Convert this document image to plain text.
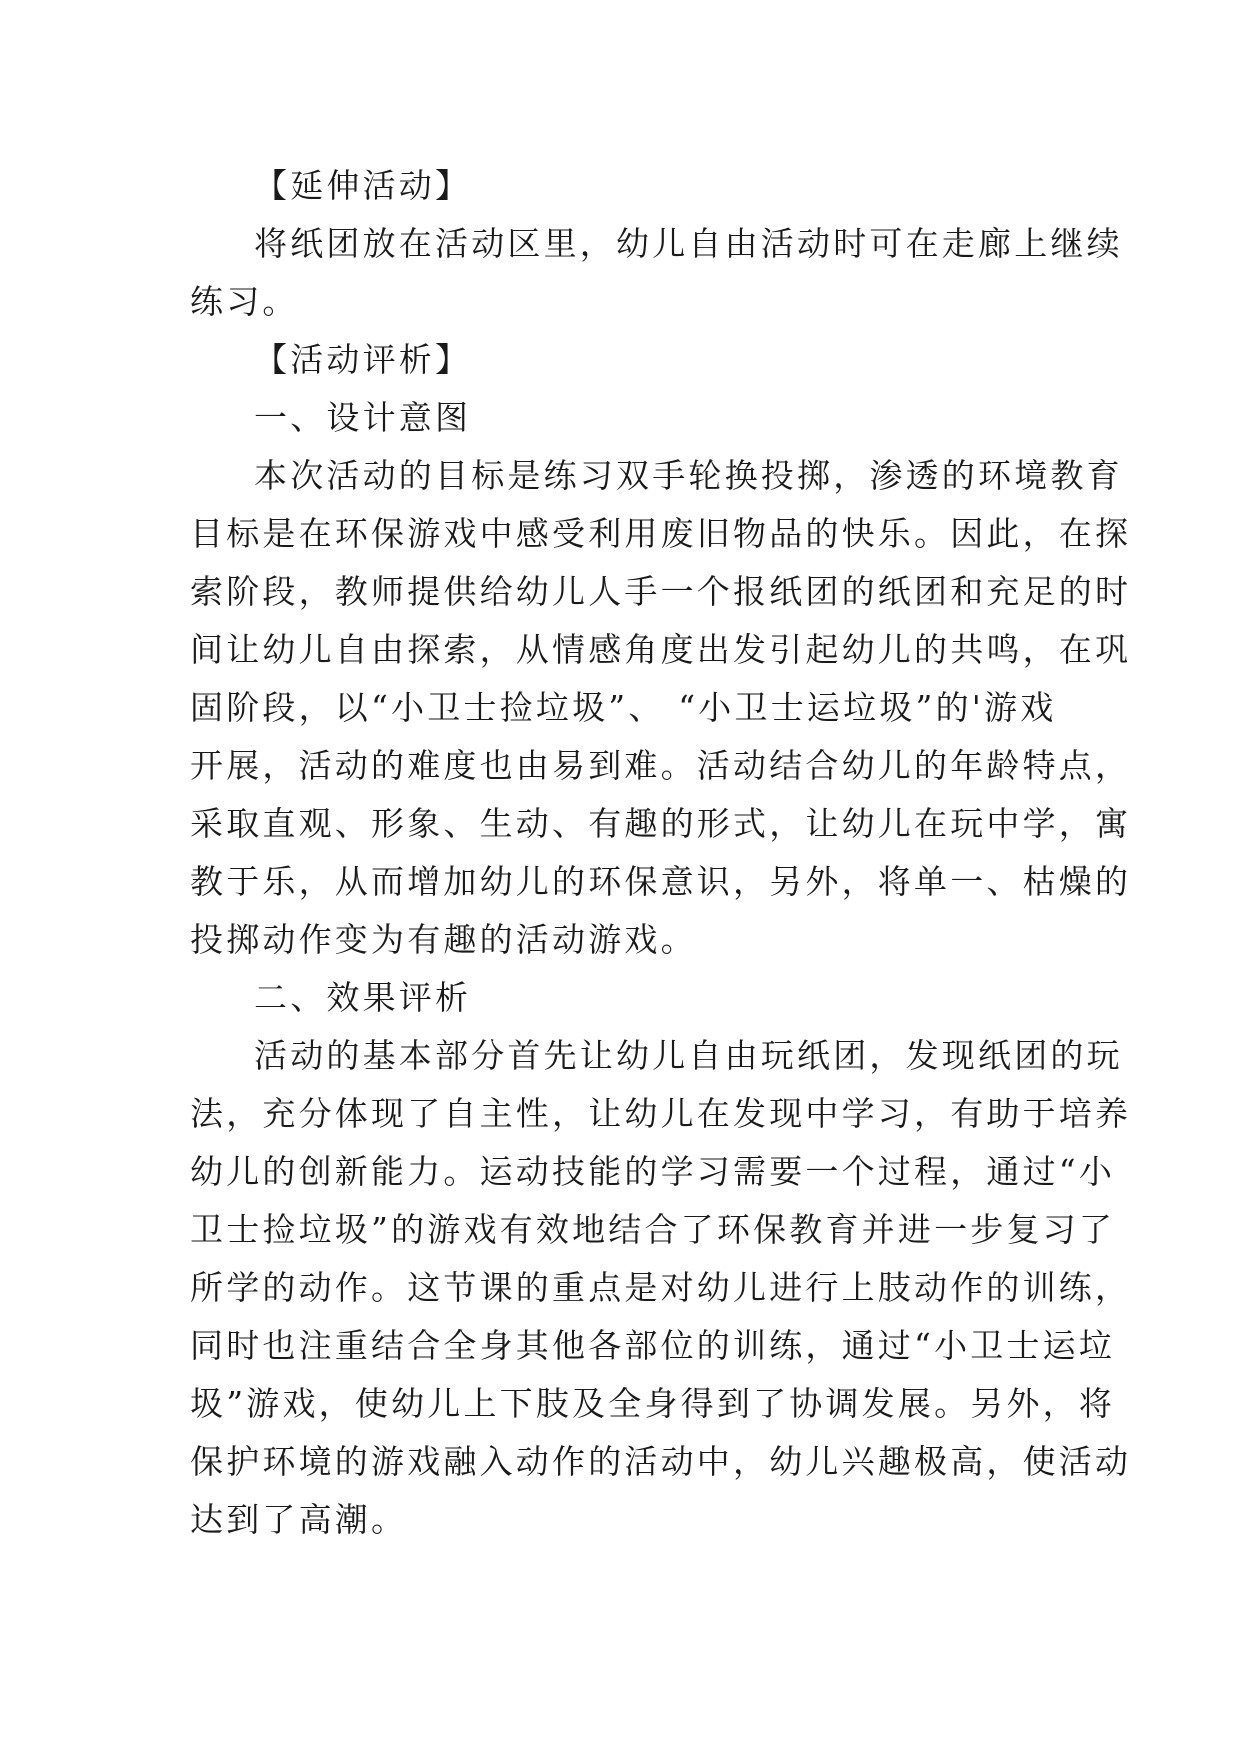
【延伸活动】
将纸团放在活动区里，幼儿自由活动时可在走廊上继续
练习。
【活动评析】
一、设计意图
本次活动的目标是练习双手轮换投掷，渗透的环境教育
目标是在环保游戏中感受利用废旧物品的快乐。因此，在探
索阶段，教师提供给幼儿人手一个报纸团的纸团和充足的时
间让幼儿自由探索，从情感角度出发引起幼儿的共鸣，在巩
固阶段，以“小卫士捡垃圾”、 “小卫士运垃圾”的'游戏
开展，活动的难度也由易到难。活动结合幼儿的年龄特点，
采取直观、形象、生动、有趣的形式，让幼儿在玩中学，寓
教于乐，从而增加幼儿的环保意识，另外，将单一、枯燥的
投掷动作变为有趣的活动游戏。
二、效果评析
活动的基本部分首先让幼儿自由玩纸团，发现纸团的玩
法，充分体现了自主性，让幼儿在发现中学习，有助于培养
幼儿的创新能力。运动技能的学习需要一个过程，通过“小
卫士捡垃圾”的游戏有效地结合了环保教育并进一步复习了
所学的动作。这节课的重点是对幼儿进行上肢动作的训练，
同时也注重结合全身其他各部位的训练，通过“小卫士运垃
圾”游戏，使幼儿上下肢及全身得到了协调发展。另外，将
保护环境的游戏融入动作的活动中，幼儿兴趣极高，使活动
达到了高潮。
